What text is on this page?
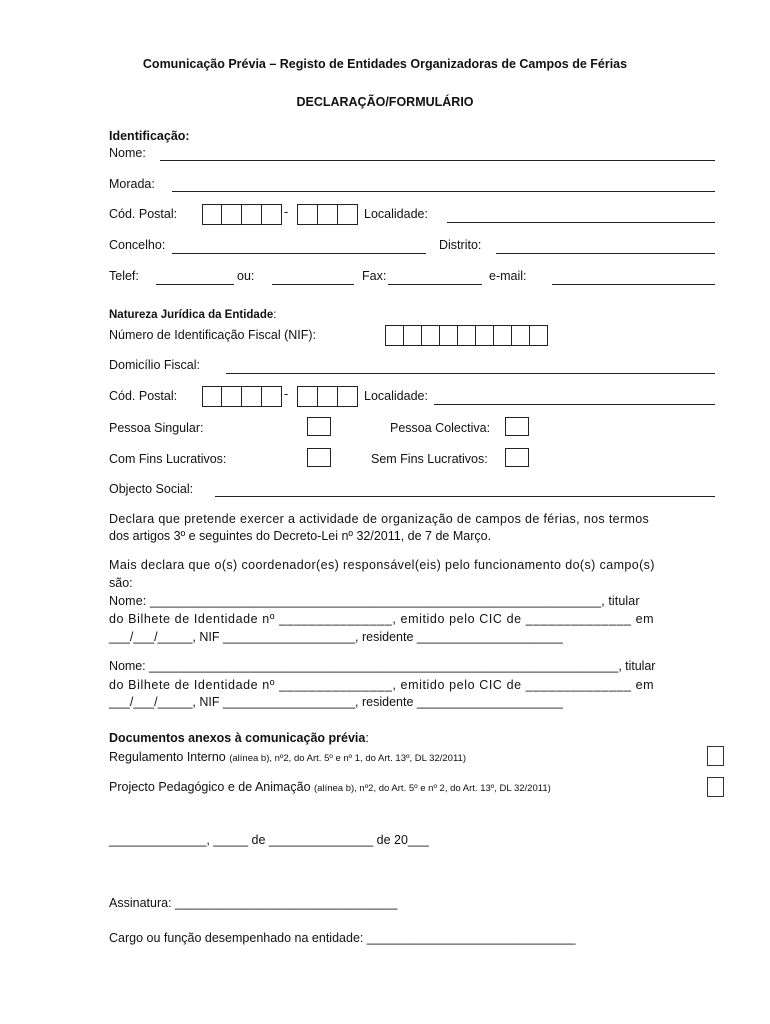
Comunicação Prévia – Registo de Entidades Organizadoras de Campos de Férias
DECLARAÇÃO/FORMULÁRIO
Identificação:
Nome:
Morada:
Cód. Postal:	-	Localidade:
Concelho:	Distrito:
Telef:	ou:	Fax:	e-mail:
Natureza Jurídica da Entidade:
Número de Identificação Fiscal (NIF):
Domicílio Fiscal:
Cód. Postal:	-	Localidade:
Pessoa Singular:	Pessoa Colectiva:
Com Fins Lucrativos:	Sem Fins Lucrativos:
Objecto Social:
Declara que pretende exercer a actividade de organização de campos de férias, nos termos
dos artigos 3º e seguintes do Decreto-Lei nº 32/2011, de 7 de Março.
Mais declara que o(s) coordenador(es) responsável(eis) pelo funcionamento do(s) campo(s)
são:
Nome: ________________________________________________________________, titular
do Bilhete de Identidade nº _______________, emitido pelo CIC de ______________ em
___/___/_____, NIF ___________________, residente _____________________
Nome: ____________________________________________________________________, titular
do Bilhete de Identidade nº _______________, emitido pelo CIC de ______________ em
___/___/_____, NIF ___________________, residente _____________________
Documentos anexos à comunicação prévia:
Regulamento Interno (alínea b), nº2, do Art. 5º e nº 1, do Art. 13º, DL 32/2011)
Projecto Pedagógico e de Animação (alínea b), nº2, do Art. 5º e nº 2, do Art. 13º, DL 32/2011)
______________, _____ de _______________ de 20___
Assinatura: ________________________________
Cargo ou função desempenhado na entidade: ______________________________
